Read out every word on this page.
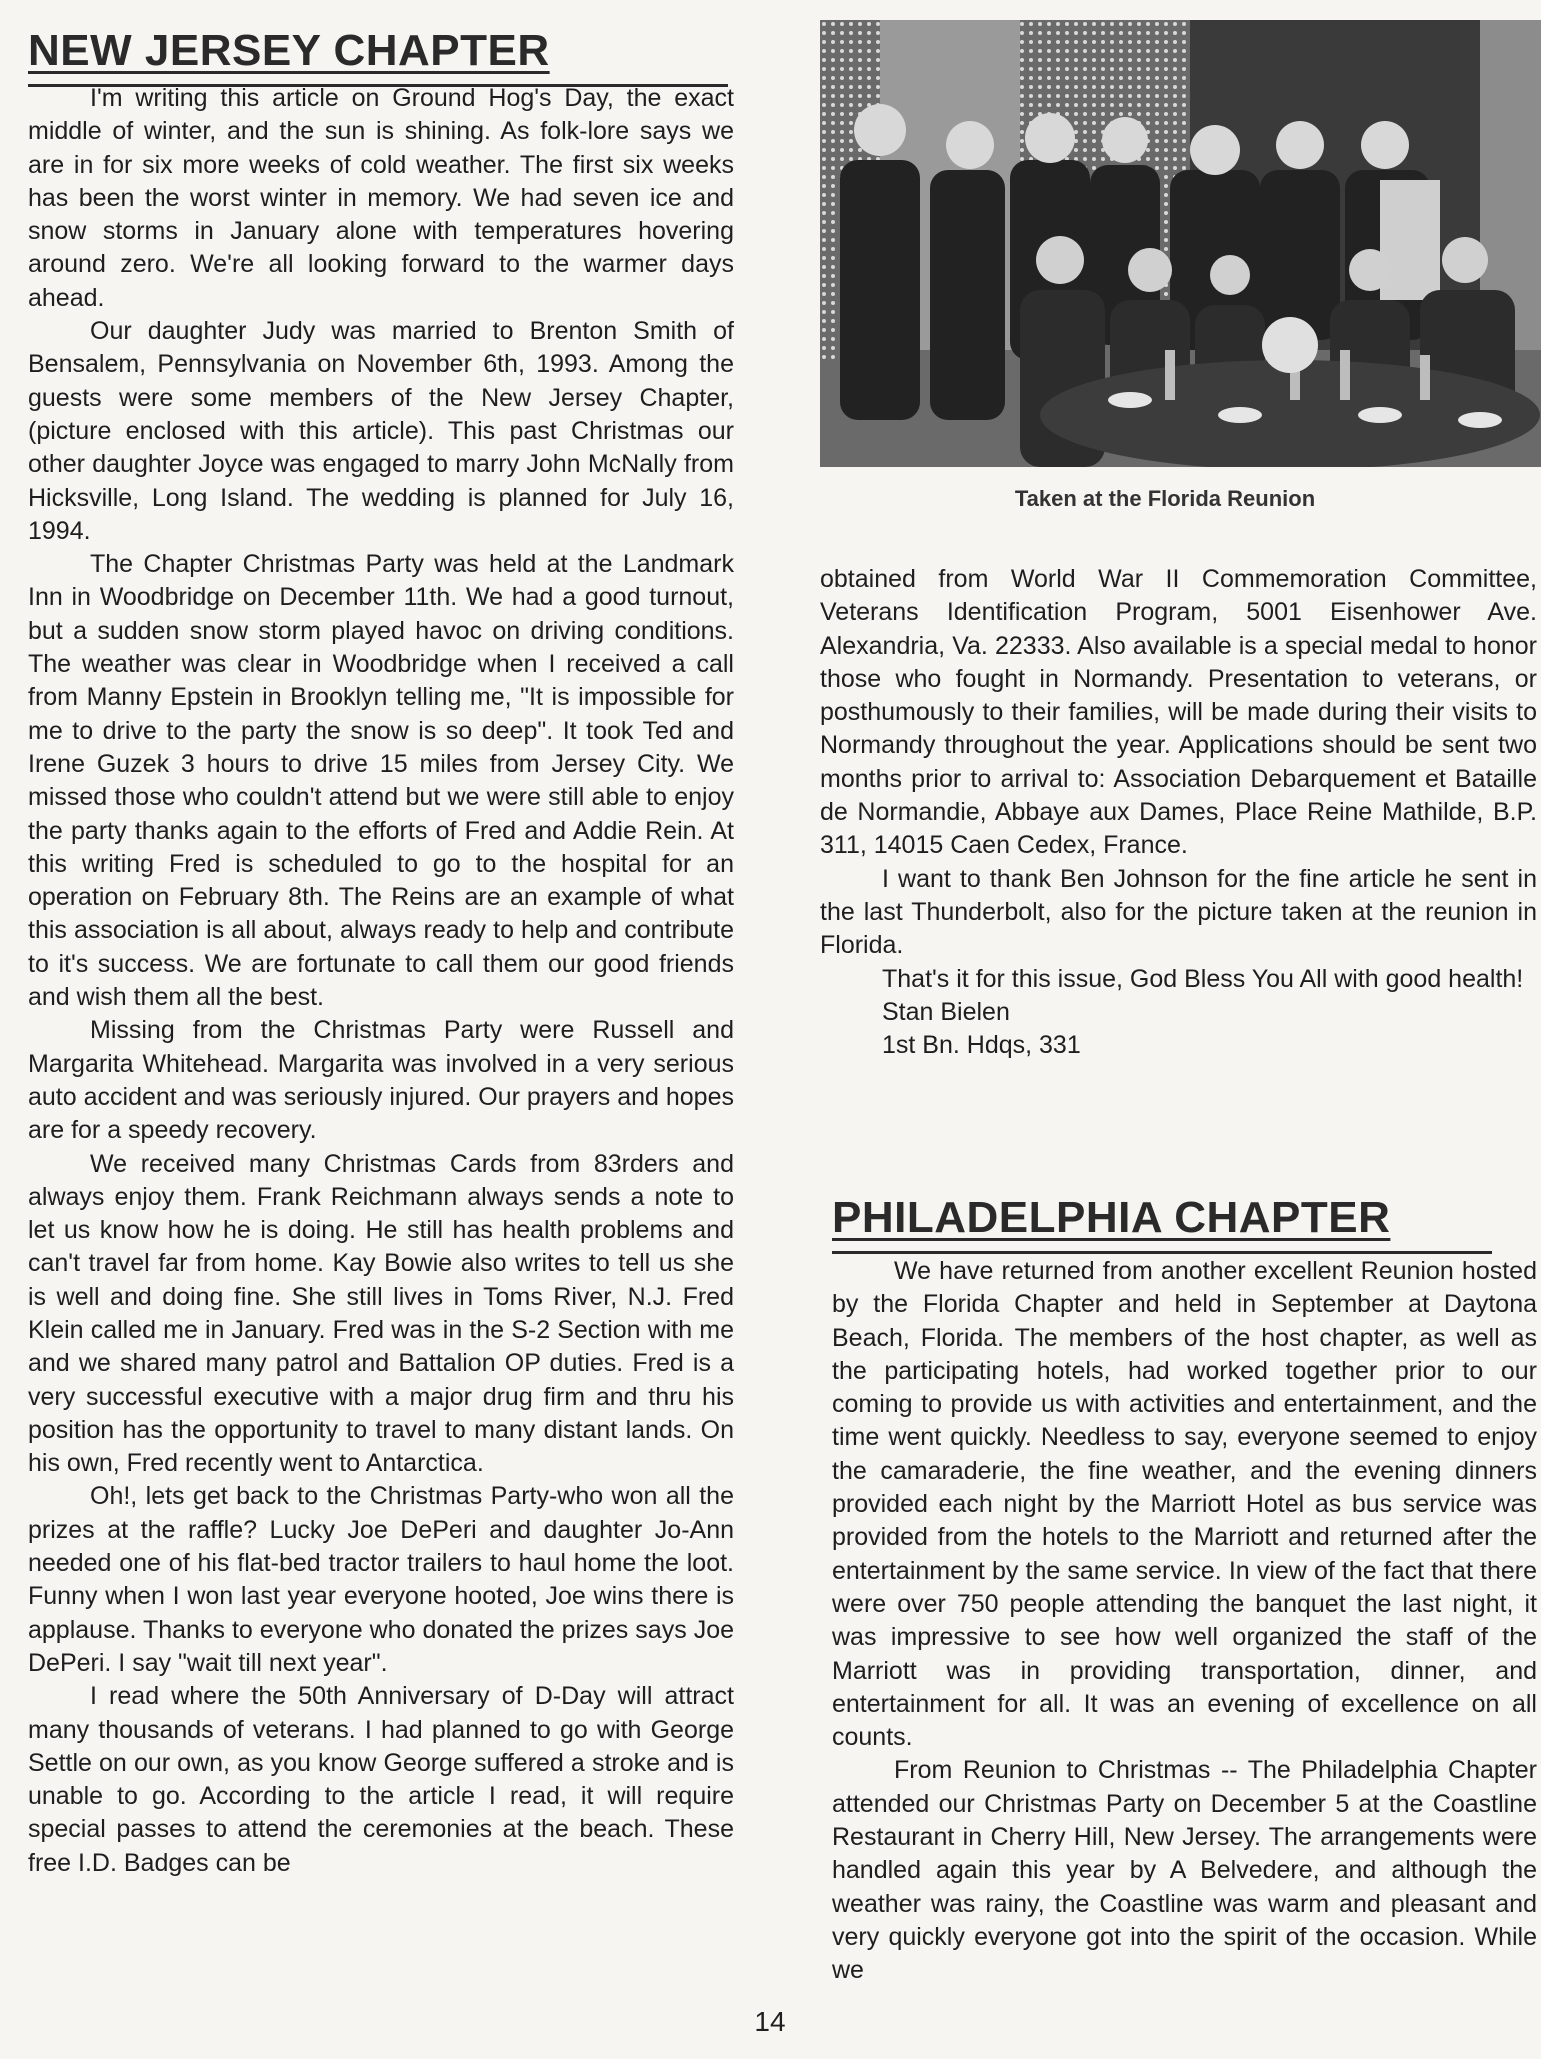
NEW JERSEY CHAPTER

I'm writing this article on Ground Hog's Day, the exact middle of winter, and the sun is shining. As folk-lore says we are in for six more weeks of cold weather. The first six weeks has been the worst winter in memory. We had seven ice and snow storms in January alone with temperatures hovering around zero. We're all looking forward to the warmer days ahead.

Our daughter Judy was married to Brenton Smith of Bensalem, Pennsylvania on November 6th, 1993. Among the guests were some members of the New Jersey Chapter, (picture enclosed with this article). This past Christmas our other daughter Joyce was engaged to marry John McNally from Hicksville, Long Island. The wedding is planned for July 16, 1994.

The Chapter Christmas Party was held at the Landmark Inn in Woodbridge on December 11th. We had a good turnout, but a sudden snow storm played havoc on driving conditions. The weather was clear in Woodbridge when I received a call from Manny Epstein in Brooklyn telling me, "It is impossible for me to drive to the party the snow is so deep". It took Ted and Irene Guzek 3 hours to drive 15 miles from Jersey City. We missed those who couldn't attend but we were still able to enjoy the party thanks again to the efforts of Fred and Addie Rein. At this writing Fred is scheduled to go to the hospital for an operation on February 8th. The Reins are an example of what this association is all about, always ready to help and contribute to it's success. We are fortunate to call them our good friends and wish them all the best.

Missing from the Christmas Party were Russell and Margarita Whitehead. Margarita was involved in a very serious auto accident and was seriously injured. Our prayers and hopes are for a speedy recovery.

We received many Christmas Cards from 83rders and always enjoy them. Frank Reichmann always sends a note to let us know how he is doing. He still has health problems and can't travel far from home. Kay Bowie also writes to tell us she is well and doing fine. She still lives in Toms River, N.J. Fred Klein called me in January. Fred was in the S-2 Section with me and we shared many patrol and Battalion OP duties. Fred is a very successful executive with a major drug firm and thru his position has the opportunity to travel to many distant lands. On his own, Fred recently went to Antarctica.

Oh!, lets get back to the Christmas Party-who won all the prizes at the raffle? Lucky Joe DePeri and daughter Jo-Ann needed one of his flat-bed tractor trailers to haul home the loot. Funny when I won last year everyone hooted, Joe wins there is applause. Thanks to everyone who donated the prizes says Joe DePeri. I say "wait till next year".

I read where the 50th Anniversary of D-Day will attract many thousands of veterans. I had planned to go with George Settle on our own, as you know George suffered a stroke and is unable to go. According to the article I read, it will require special passes to attend the ceremonies at the beach. These free I.D. Badges can be

Taken at the Florida Reunion

obtained from World War II Commemoration Committee, Veterans Identification Program, 5001 Eisenhower Ave. Alexandria, Va. 22333. Also available is a special medal to honor those who fought in Normandy. Presentation to veterans, or posthumously to their families, will be made during their visits to Normandy throughout the year. Applications should be sent two months prior to arrival to: Association Debarquement et Bataille de Normandie, Abbaye aux Dames, Place Reine Mathilde, B.P. 311, 14015 Caen Cedex, France.

I want to thank Ben Johnson for the fine article he sent in the last Thunderbolt, also for the picture taken at the reunion in Florida.

That's it for this issue, God Bless You All with good health!

Stan Bielen
1st Bn. Hdqs, 331
PHILADELPHIA CHAPTER

We have returned from another excellent Reunion hosted by the Florida Chapter and held in September at Daytona Beach, Florida. The members of the host chapter, as well as the participating hotels, had worked together prior to our coming to provide us with activities and entertainment, and the time went quickly. Needless to say, everyone seemed to enjoy the camaraderie, the fine weather, and the evening dinners provided each night by the Marriott Hotel as bus service was provided from the hotels to the Marriott and returned after the entertainment by the same service. In view of the fact that there were over 750 people attending the banquet the last night, it was impressive to see how well organized the staff of the Marriott was in providing transportation, dinner, and entertainment for all. It was an evening of excellence on all counts.

From Reunion to Christmas -- The Philadelphia Chapter attended our Christmas Party on December 5 at the Coastline Restaurant in Cherry Hill, New Jersey. The arrangements were handled again this year by A Belvedere, and although the weather was rainy, the Coastline was warm and pleasant and very quickly everyone got into the spirit of the occasion. While we

14
